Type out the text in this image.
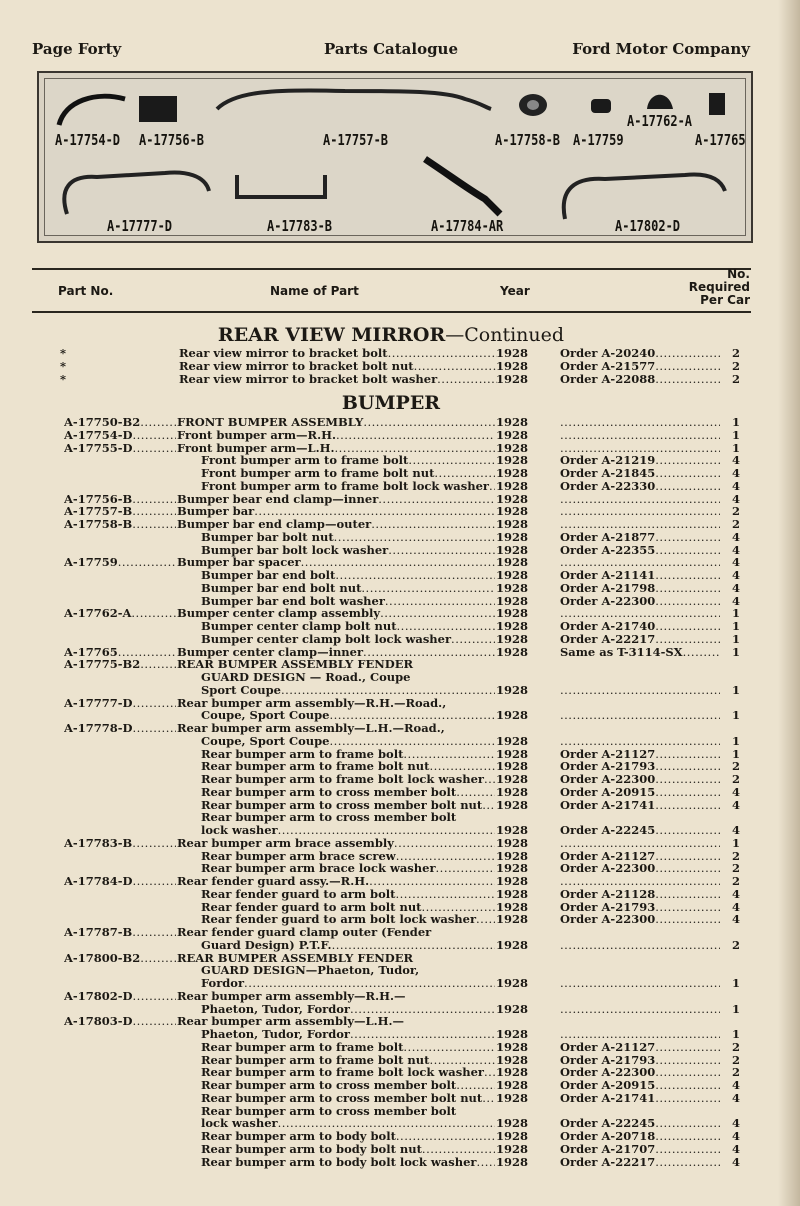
Page Forty	Parts Catalogue	Ford Motor Company
A-17754-D A-17756-B	A-17757-B	A-17758-B A-17759
A-17762-A
A-17765
A-17777-D	A-17783-B	A-17784-AR	A-17802-D
Part No.	Name of Part	Year
No.
Required
Per Car
REAR VIEW MIRROR—Continued
BUMPER
*	Rear view mirror to bracket bolt .....	1928	Order A-20240 .....	2
*	Rear view mirror to bracket bolt nut .....	1928	Order A-21577 .....	2
*	Rear view mirror to bracket bolt washer .....	1928	Order A-22088 .....	2
A-17750-B2 .....	FRONT BUMPER ASSEMBLY .....	1928 .....	1
A-17754-D .....	Front bumper arm—R.H. .....	1928 .....	1
A-17755-D .....	Front bumper arm—L.H. .....	1928 .....	1
Front bumper arm to frame bolt .....	1928	Order A-21219 .....	4
Front bumper arm to frame bolt nut .....	1928	Order A-21845 .....	4
Front bumper arm to frame bolt lock washer ..... 1928	Order A-22330 .....	4
A-17756-B .....	Bumper bear end clamp—inner .....	1928 .....	4
A-17757-B .....	Bumper bar .....	1928 .....	2
A-17758-B .....	Bumper bar end clamp—outer .....	1928 .....	2
Bumper bar bolt nut .....	1928	Order A-21877 .....	4
Bumper bar bolt lock washer .....	1928	Order A-22355 .....	4
A-17759 .....	Bumper bar spacer .....	1928 .....	4
Bumper bar end bolt .....	1928	Order A-21141 .....	4
Bumper bar end bolt nut .....	1928	Order A-21798 .....	4
Bumper bar end bolt washer .....	1928	Order A-22300 .....	4
A-17762-A .....	Bumper center clamp assembly .....	1928 .....	1
Bumper center clamp bolt nut .....	1928	Order A-21740 .....	1
Bumper center clamp bolt lock washer .....	1928	Order A-22217 .....	1
A-17765 .....	Bumper center clamp—inner .....	1928	Same as T-3114-SX .....	1
A-17775-B2 .....	REAR BUMPER ASSEMBLY FENDER
GUARD DESIGN — Road., Coupe
Sport Coupe .....	1928 .....	1
A-17777-D .....	Rear bumper arm assembly—R.H.—Road.,
Coupe, Sport Coupe .....	1928 .....	1
A-17778-D .....	Rear bumper arm assembly—L.H.—Road.,
Coupe, Sport Coupe .....	1928 .....	1
Rear bumper arm to frame bolt .....	1928	Order A-21127 .....	1
Rear bumper arm to frame bolt nut .....	1928	Order A-21793 .....	2
Rear bumper arm to frame bolt lock washer .....	1928	Order A-22300 .....	2
Rear bumper arm to cross member bolt .....	1928	Order A-20915 .....	4
Rear bumper arm to cross member bolt nut .....	1928	Order A-21741 .....	4
Rear bumper arm to cross member bolt
lock washer .....	1928	Order A-22245 .....	4
A-17783-B .....	Rear bumper arm brace assembly .....	1928 .....	1
Rear bumper arm brace screw .....	1928	Order A-21127 .....	2
Rear bumper arm brace lock washer .....	1928	Order A-22300 .....	2
A-17784-D .....	Rear fender guard assy.—R.H. .....	1928 .....	2
Rear fender guard to arm bolt .....	1928	Order A-21128 .....	4
Rear fender guard to arm bolt nut .....	1928	Order A-21793 .....	4
Rear fender guard to arm bolt lock washer .....	1928	Order A-22300 .....	4
A-17787-B .....	Rear fender guard clamp outer (Fender
Guard Design) P.T.F. .....	1928 .....	2
A-17800-B2 .....	REAR BUMPER ASSEMBLY FENDER
GUARD DESIGN—Phaeton, Tudor,
Fordor .....	1928 .....	1
A-17802-D .....	Rear bumper arm assembly—R.H.—
Phaeton, Tudor, Fordor .....	1928 .....	1
A-17803-D .....	Rear bumper arm assembly—L.H.—
Phaeton, Tudor, Fordor .....	1928 .....	1
Rear bumper arm to frame bolt .....	1928	Order A-21127 .....	2
Rear bumper arm to frame bolt nut .....	1928	Order A-21793 .....	2
Rear bumper arm to frame bolt lock washer .....	1928	Order A-22300 .....	2
Rear bumper arm to cross member bolt .....	1928	Order A-20915 .....	4
Rear bumper arm to cross member bolt nut .....	1928	Order A-21741 .....	4
Rear bumper arm to cross member bolt
lock washer .....	1928	Order A-22245 .....	4
Rear bumper arm to body bolt .....	1928	Order A-20718 .....	4
Rear bumper arm to body bolt nut .....	1928	Order A-21707 .....	4
Rear bumper arm to body bolt lock washer .....	1928	Order A-22217 .....	4
